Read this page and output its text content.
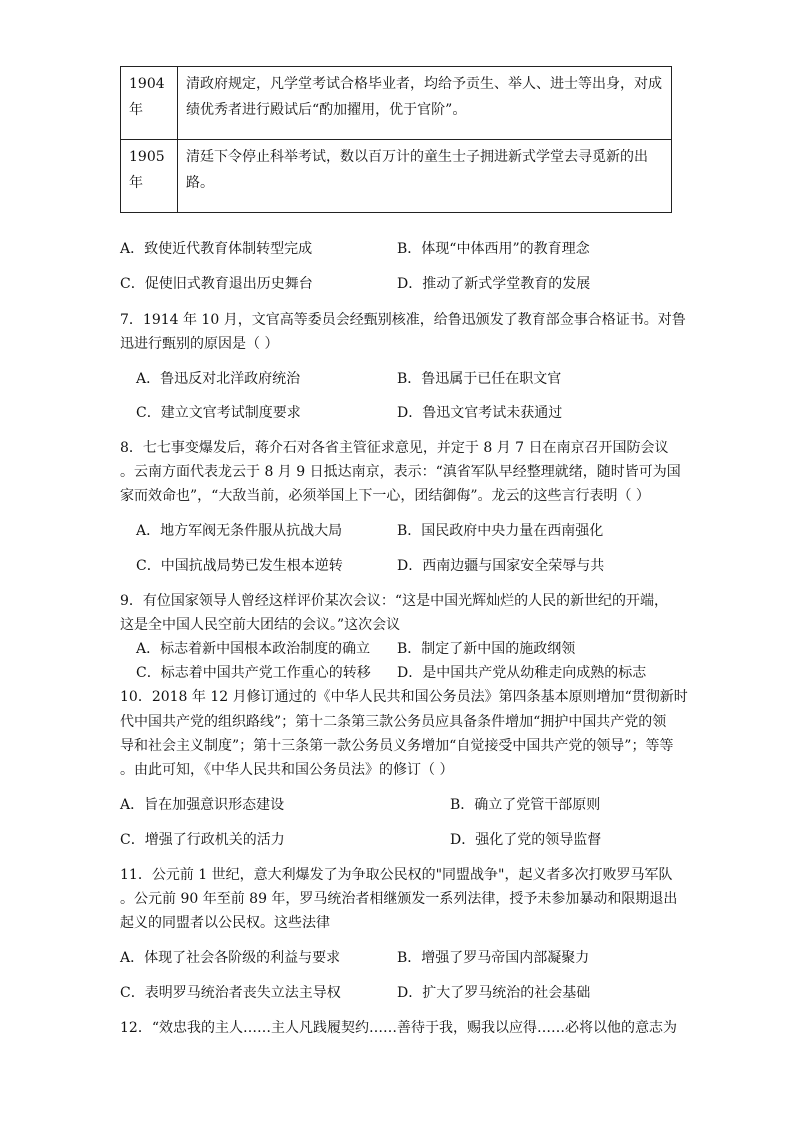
1904年	清政府规定，凡学堂考试合格毕业者，均给予贡生、举人、进士等出身，对成绩优秀者进行殿试后“酌加擢用，优于官阶”。
1905年	清廷下令停止科举考试，数以百万计的童生士子拥进新式学堂去寻觅新的出路。
A．致使近代教育体制转型完成	B．体现“中体西用”的教育理念
C．促使旧式教育退出历史舞台	D．推动了新式学堂教育的发展
7．1914 年 10 月，文官高等委员会经甄别核准，给鲁迅颁发了教育部佥事合格证书。对鲁
迅进行甄别的原因是（ ）
A．鲁迅反对北洋政府统治	B．鲁迅属于已任在职文官
C．建立文官考试制度要求	D．鲁迅文官考试未获通过
8．七七事变爆发后，蒋介石对各省主管征求意见，并定于 8 月 7 日在南京召开国防会议
。云南方面代表龙云于 8 月 9 日抵达南京，表示：“滇省军队早经整理就绪，随时皆可为国
家而效命也”，“大敌当前，必须举国上下一心，团结御侮”。龙云的这些言行表明（ ）
A．地方军阀无条件服从抗战大局	B．国民政府中央力量在西南强化
C．中国抗战局势已发生根本逆转	D．西南边疆与国家安全荣辱与共
9．有位国家领导人曾经这样评价某次会议：“这是中国光辉灿烂的人民的新世纪的开端，
这是全中国人民空前大团结的会议。”这次会议
A．标志着新中国根本政治制度的确立 B．制定了新中国的施政纲领
C．标志着中国共产党工作重心的转移 D．是中国共产党从幼稚走向成熟的标志
10．2018 年 12 月修订通过的《中华人民共和国公务员法》第四条基本原则增加“贯彻新时
代中国共产党的组织路线”；第十二条第三款公务员应具备条件增加“拥护中国共产党的领
导和社会主义制度”；第十三条第一款公务员义务增加“自觉接受中国共产党的领导”；等等
。由此可知，《中华人民共和国公务员法》的修订（ ）
A．旨在加强意识形态建设	B．确立了党管干部原则
C．增强了行政机关的活力	D．强化了党的领导监督
11．公元前 1 世纪，意大利爆发了为争取公民权的"同盟战争"，起义者多次打败罗马军队
。公元前 90 年至前 89 年，罗马统治者相继颁发一系列法律，授予未参加暴动和限期退出
起义的同盟者以公民权。这些法律
A．体现了社会各阶级的利益与要求	B．增强了罗马帝国内部凝聚力
C．表明罗马统治者丧失立法主导权	D．扩大了罗马统治的社会基础
12．“效忠我的主人……主人凡践履契约……善待于我，赐我以应得……必将以他的意志为
